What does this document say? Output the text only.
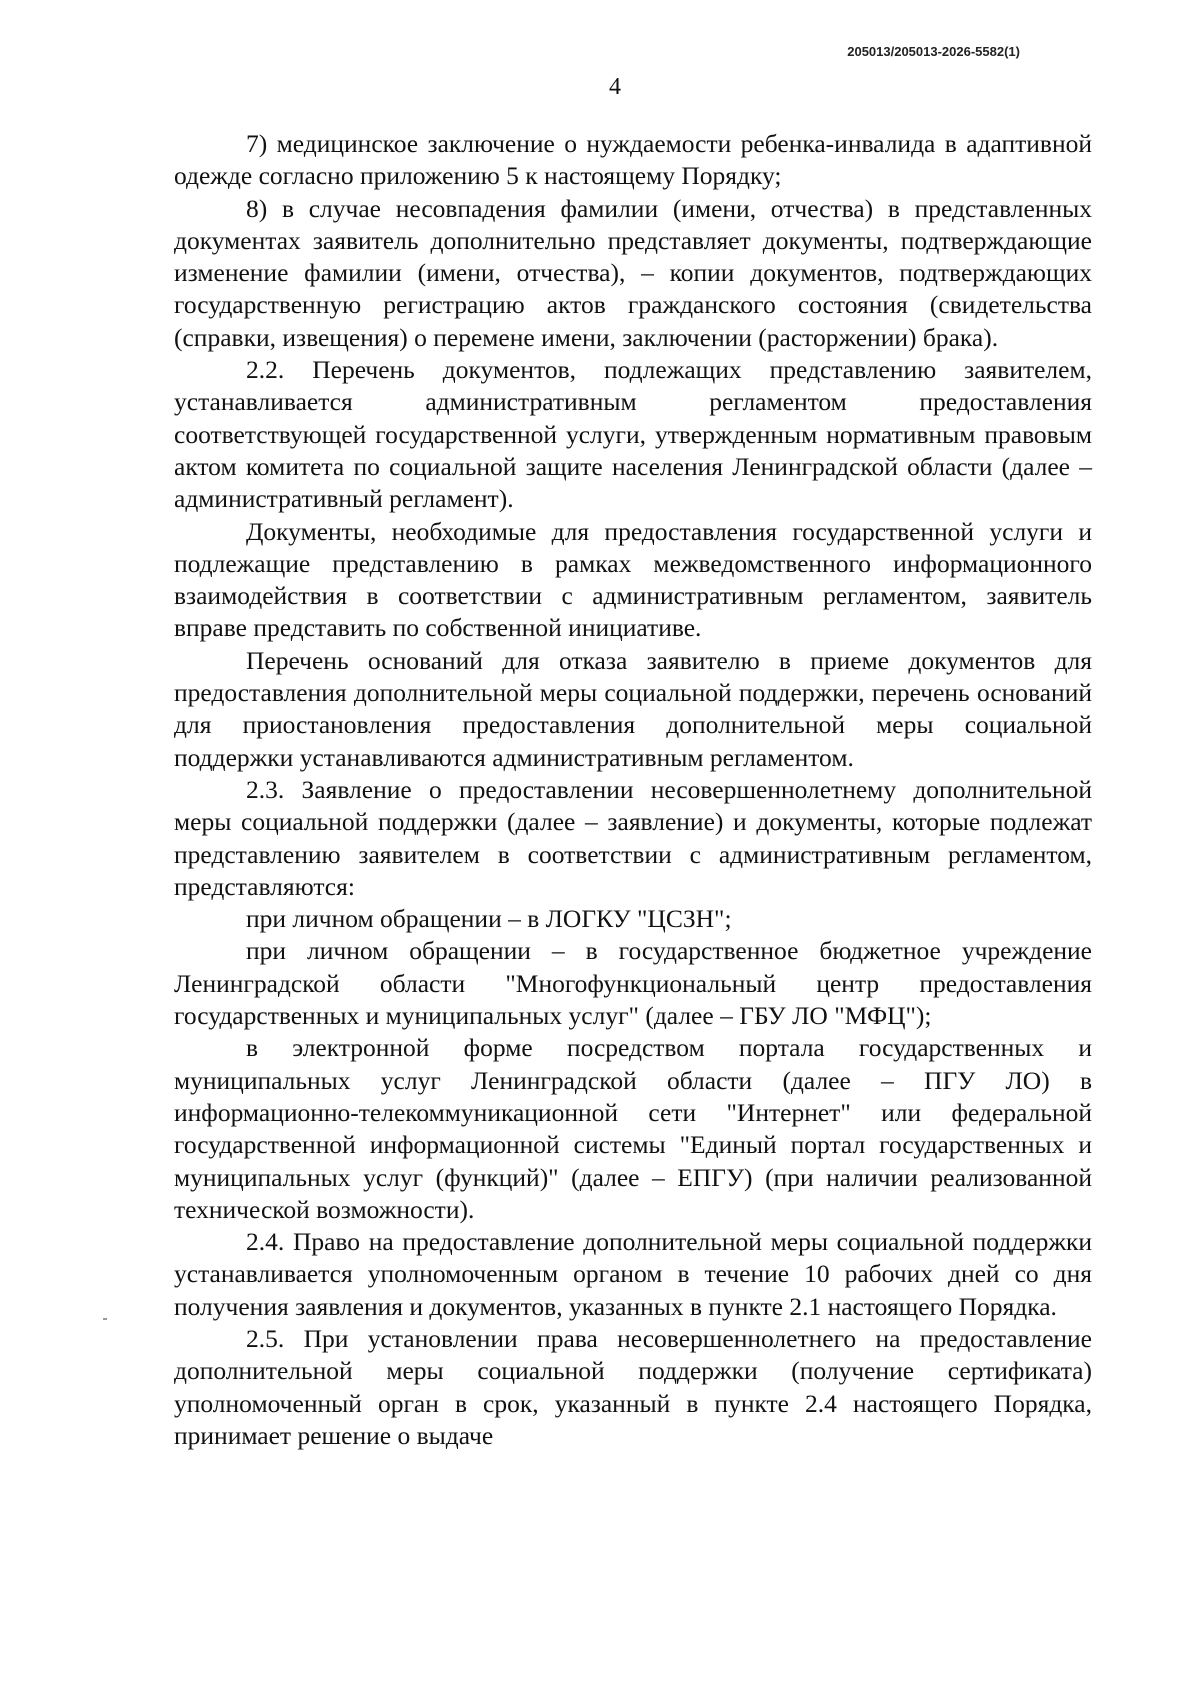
205013/205013-2026-5582(1)
4

7) медицинское заключение о нуждаемости ребенка-инвалида в адаптивной одежде согласно приложению 5 к настоящему Порядку;

8) в случае несовпадения фамилии (имени, отчества) в представленных документах заявитель дополнительно представляет документы, подтверждающие изменение фамилии (имени, отчества), – копии документов, подтверждающих государственную регистрацию актов гражданского состояния (свидетельства (справки, извещения) о перемене имени, заключении (расторжении) брака).

2.2. Перечень документов, подлежащих представлению заявителем, устанавливается административным регламентом предоставления соответствующей государственной услуги, утвержденным нормативным правовым актом комитета по социальной защите населения Ленинградской области (далее – административный регламент).

Документы, необходимые для предоставления государственной услуги и подлежащие представлению в рамках межведомственного информационного взаимодействия в соответствии с административным регламентом, заявитель вправе представить по собственной инициативе.

Перечень оснований для отказа заявителю в приеме документов для предоставления дополнительной меры социальной поддержки, перечень оснований для приостановления предоставления дополнительной меры социальной поддержки устанавливаются административным регламентом.

2.3. Заявление о предоставлении несовершеннолетнему дополнительной меры социальной поддержки (далее – заявление) и документы, которые подлежат представлению заявителем в соответствии с административным регламентом, представляются:

при личном обращении – в ЛОГКУ "ЦСЗН";

при личном обращении – в государственное бюджетное учреждение Ленинградской области "Многофункциональный центр предоставления государственных и муниципальных услуг" (далее – ГБУ ЛО "МФЦ");

в электронной форме посредством портала государственных и муниципальных услуг Ленинградской области (далее – ПГУ ЛО) в информационно-телекоммуникационной сети "Интернет" или федеральной государственной информационной системы "Единый портал государственных и муниципальных услуг (функций)" (далее – ЕПГУ) (при наличии реализованной технической возможности).

2.4. Право на предоставление дополнительной меры социальной поддержки устанавливается уполномоченным органом в течение 10 рабочих дней со дня получения заявления и документов, указанных в пункте 2.1 настоящего Порядка.

2.5. При установлении права несовершеннолетнего на предоставление дополнительной меры социальной поддержки (получение сертификата) уполномоченный орган в срок, указанный в пункте 2.4 настоящего Порядка, принимает решение о выдаче
